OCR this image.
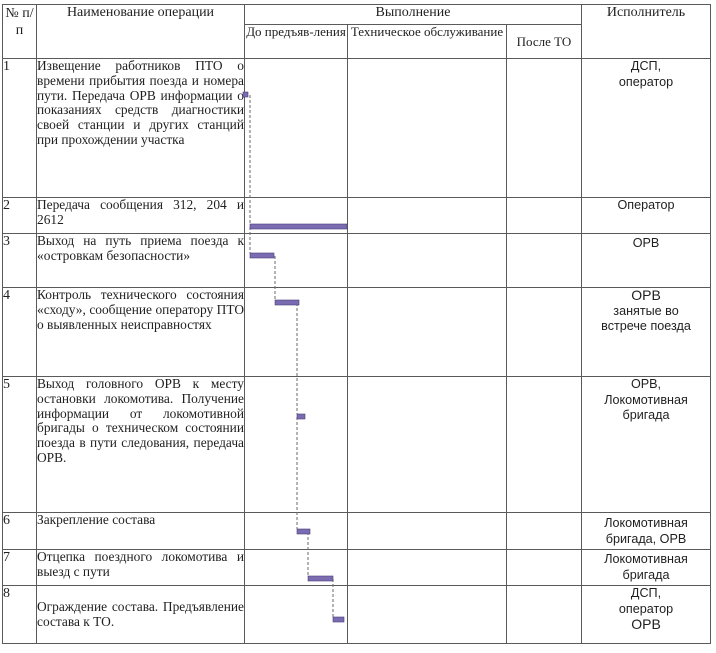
№ п/п	Наименование операции	Выполнение			Исполнитель
		До предъяв-ления	Техническое обслуживание	После ТО	
1	Извещение работников ПТО о времени прибытия поезда и номера пути. Передача ОРВ информации о показаниях средств диагностики своей станции и других станций при прохождении участка				ДСП,
оператор

2	Передача сообщения 312, 204 и 2612				Оператор

3	Выход на путь приема поезда к «островкам безопасности»				ОРВ

4	Контроль технического состояния «сходу», сообщение оператору ПТО о выявленных неисправностях				ОРВ
занятые во
встрече поезда

5	Выход головного ОРВ к месту остановки локомотива. Получение информации от локомотивной бригады о техническом состоянии поезда в пути следования, передача ОРВ.				ОРВ,
Локомотивная
бригада

6	Закрепление состава				Локомотивная
бригада, ОРВ

7	Отцепка поездного локомотива и выезд с пути				Локомотивная
бригада

8	Ограждение состава. Предъявление состава к ТО.				ДСП,
оператор
ОРВ
